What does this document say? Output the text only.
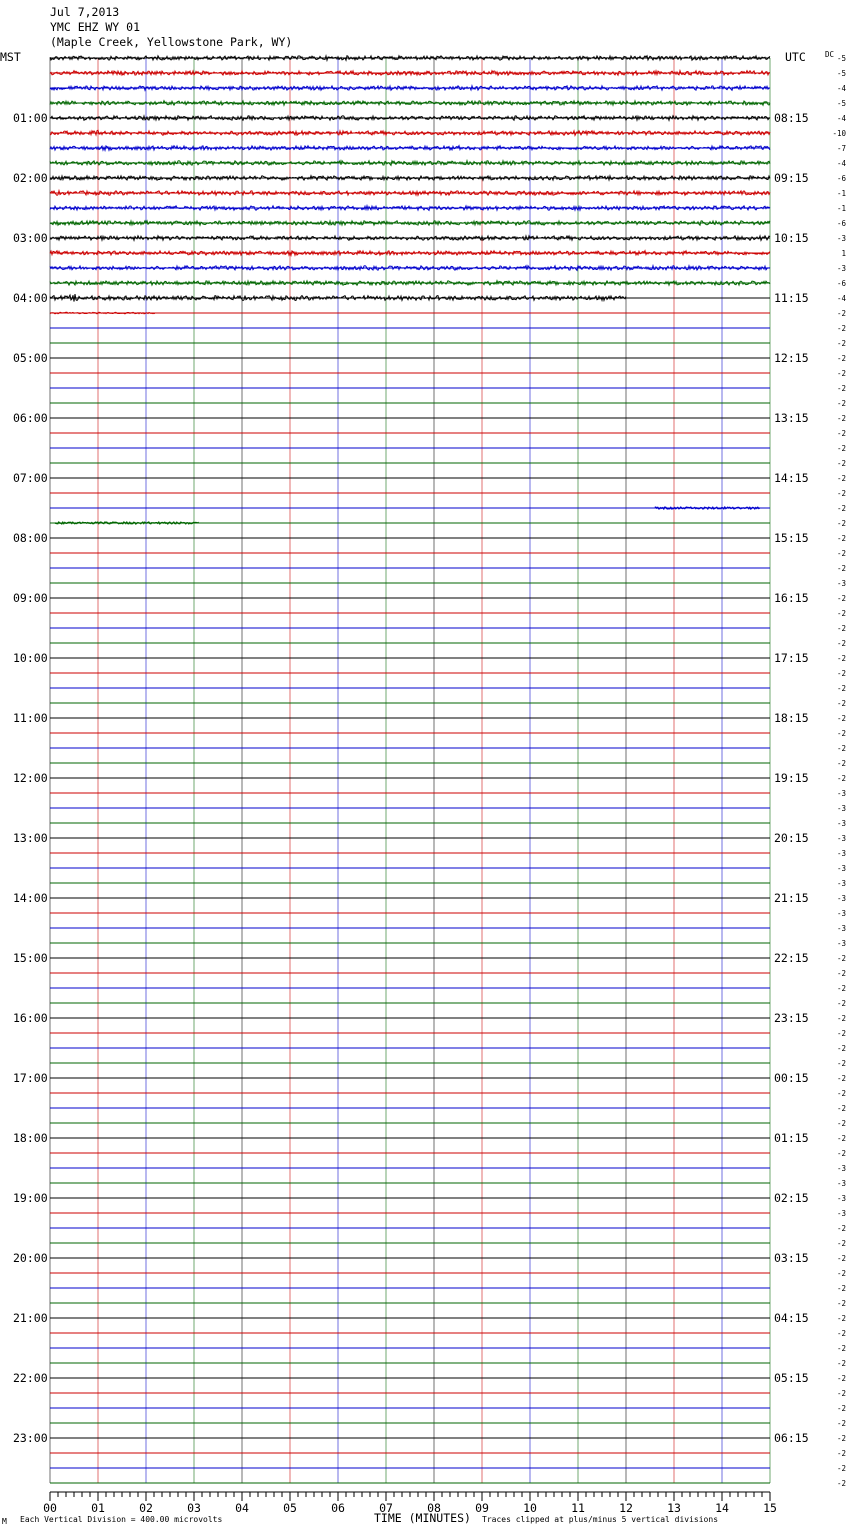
Jul 7,2013
YMC EHZ WY 01
(Maple Creek, Yellowstone Park, WY)
MST	UTC	DC
01:00
02:00
03:00
04:00
05:00
06:00
07:00
08:00
09:00
10:00
11:00
12:00
13:00
14:00
15:00
16:00
17:00
18:00
19:00
20:00
21:00
22:00
23:00
08:15
09:15
10:15
11:15
12:15
13:15
14:15
15:15
16:15
17:15
18:15
19:15
20:15
21:15
22:15
23:15
00:15
01:15
02:15
03:15
04:15
05:15
06:15
-5
-5
-4
-5
-4
-10
-7
-4
-6
-1
-1
-6
-3
1
-3
-6
-4
-2
-2
-2
-2
-2
-2
-2
-2
-2
-2
-2
-2
-2
-2
-2
-2
-2
-2
-3
-2
-2
-2
-2
-2
-2
-2
-2
-2
-2
-2
-2
-2
-3
-3
-3
-3
-3
-3
-3
-3
-3
-3
-3
-2
-2
-2
-2
-2
-2
-2
-2
-2
-2
-2
-2
-2
-2
-3
-3
-3
-3
-2
-2
-2
-2
-2
-2
-2
-2
-2
-2
-2
-2
-2
-2
-2
-2
-2
-2
00	01	02	03	04	05	06	07	08	09	10	11	12	13	14	15
M Each Vertical Division = 400.00 microvolts	TIME (MINUTES) Traces clipped at plus/minus 5 vertical divisions
